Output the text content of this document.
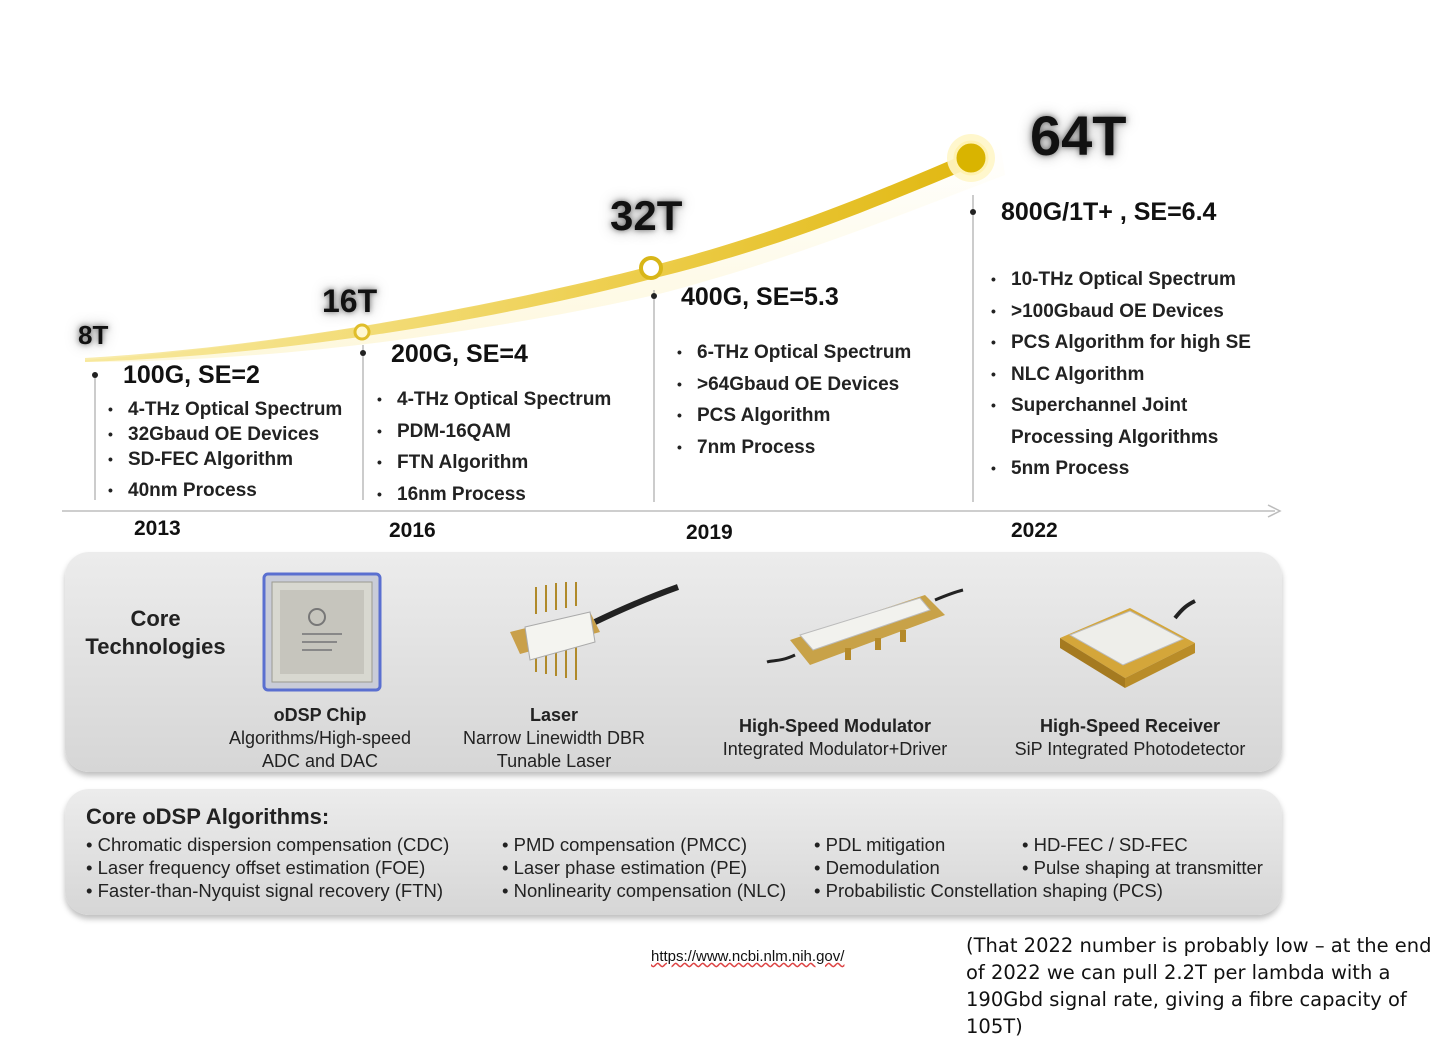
8T
16T
32T
64T
100G, SE=2
200G, SE=4
400G, SE=5.3
800G/1T+ , SE=6.4
• 4-THz Optical Spectrum
• 32Gbaud OE Devices
• SD-FEC Algorithm
• 40nm Process
• 4-THz Optical Spectrum
• PDM-16QAM
• FTN Algorithm
• 16nm Process
• 6-THz Optical Spectrum
• >64Gbaud OE Devices
• PCS Algorithm
• 7nm Process
• 10-THz Optical Spectrum
• >100Gbaud OE Devices
• PCS Algorithm for high SE
• NLC Algorithm
• Superchannel Joint
Processing Algorithms
• 5nm Process
2013	2016	2019	2022
Core
Technologies
oDSP Chip
Algorithms/High-speed
ADC and DAC
Laser
Narrow Linewidth DBR
Tunable Laser
High-Speed Modulator
Integrated Modulator+Driver
High-Speed Receiver
SiP Integrated Photodetector
Core oDSP Algorithms:
• Chromatic dispersion compensation (CDC)
• Laser frequency offset estimation (FOE)
• Faster-than-Nyquist signal recovery (FTN)
• PMD compensation (PMCC)
• Laser phase estimation (PE)
• Nonlinearity compensation (NLC)
• PDL mitigation
• Demodulation
• Probabilistic Constellation shaping (PCS)
• HD-FEC / SD-FEC
• Pulse shaping at transmitter
https://www.ncbi.nlm.nih.gov/	(That 2022 number is probably low – at the end of 2022 we can pull 2.2T per lambda with a 190Gbd signal rate, giving a fibre capacity of 105T)
